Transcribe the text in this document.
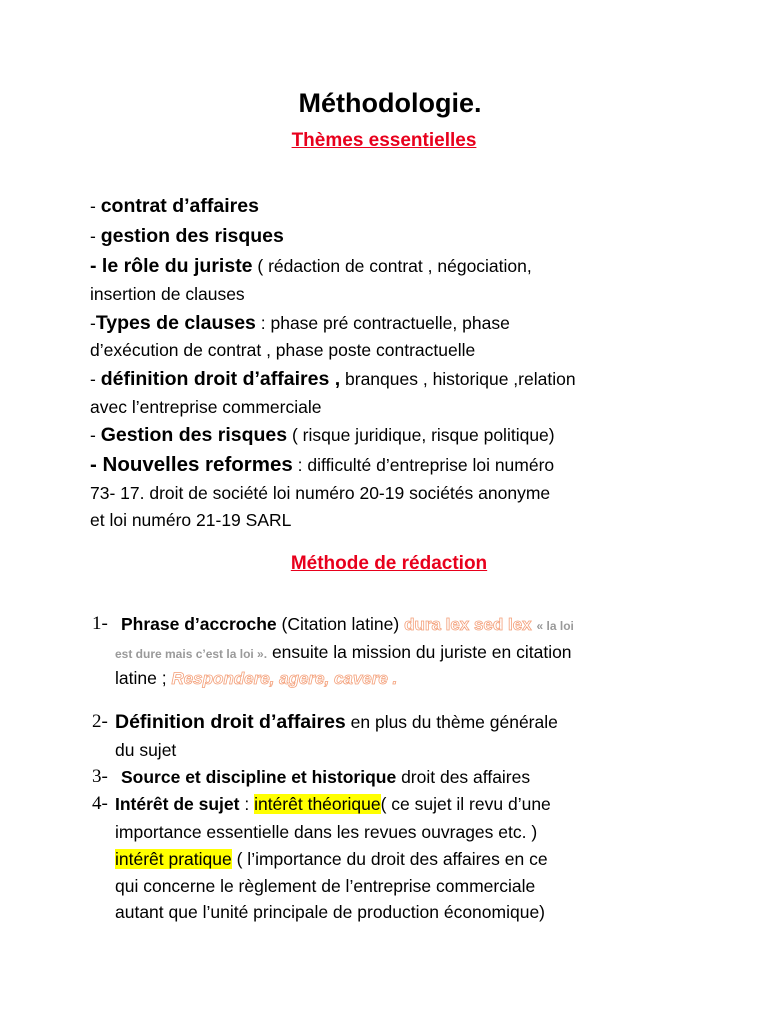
Méthodologie.
Thèmes essentielles
- contrat d’affaires
- gestion des risques
- le rôle du juriste ( rédaction de contrat , négociation,
insertion de clauses
-Types de clauses : phase pré contractuelle, phase
d’exécution de contrat , phase poste contractuelle
- définition droit d’affaires , branques , historique ,relation
avec l’entreprise commerciale
- Gestion des risques ( risque juridique, risque politique)
- Nouvelles reformes : difficulté d’entreprise loi numéro
73- 17. droit de société loi numéro 20-19 sociétés anonyme
et loi numéro 21-19 SARL
Méthode de rédaction
1- Phrase d’accroche (Citation latine) dura lex sed lex « la loi
est dure mais c’est la loi ». ensuite la mission du juriste en citation
latine ; Respondere, agere, cavere .
2- Définition droit d’affaires en plus du thème générale
du sujet
3- Source et discipline et historique droit des affaires
4- Intérêt de sujet : intérêt théorique( ce sujet il revu d’une
importance essentielle dans les revues ouvrages etc. )
intérêt pratique ( l’importance du droit des affaires en ce
qui concerne le règlement de l’entreprise commerciale
autant que l’unité principale de production économique)
